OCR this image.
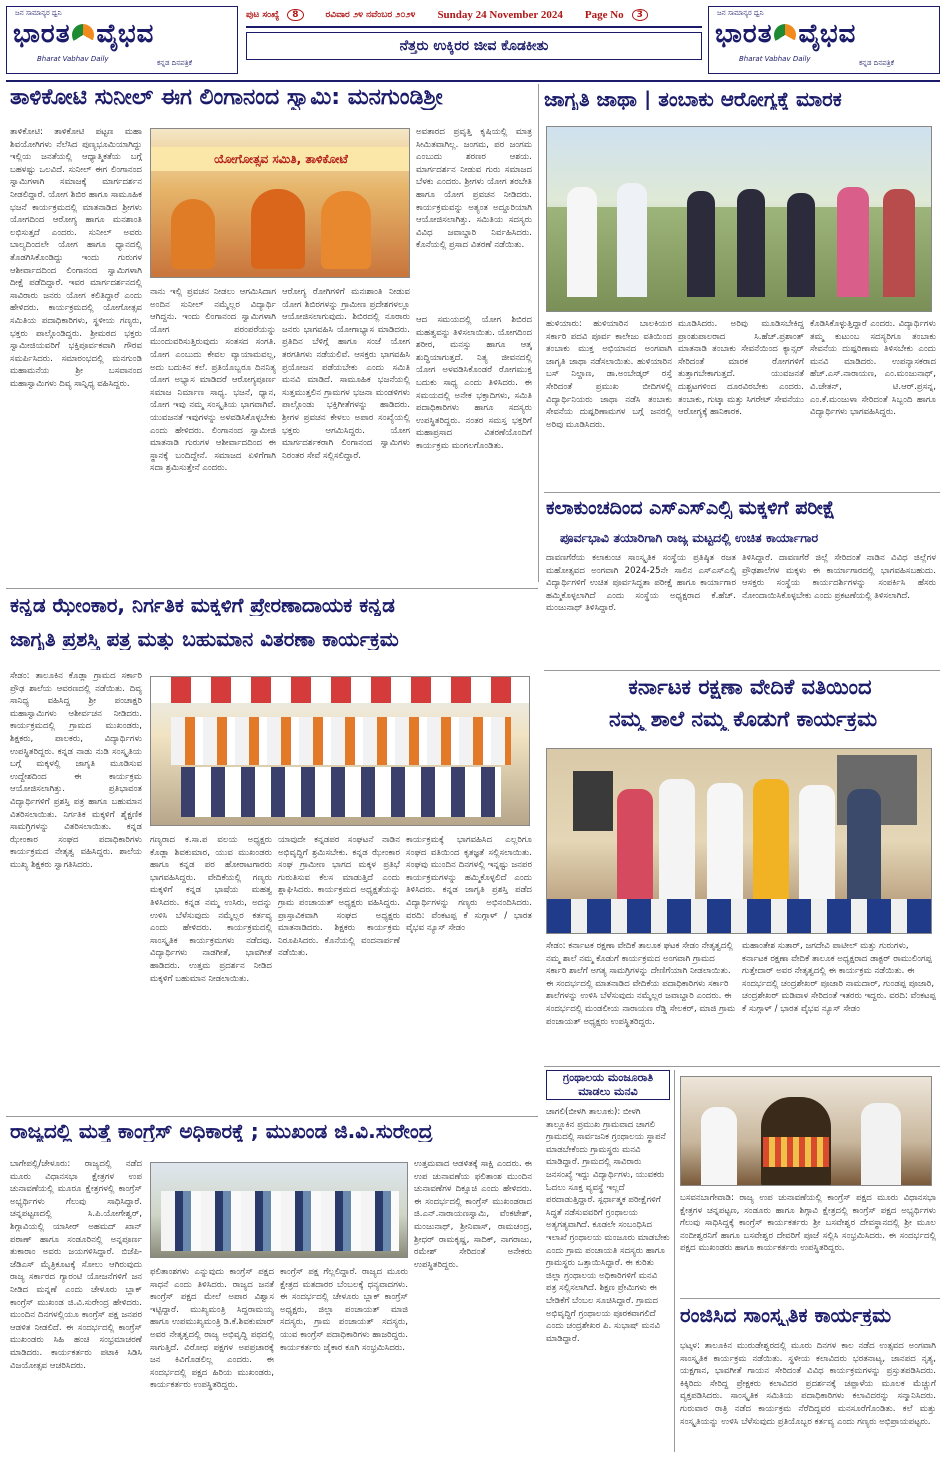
ಜನ ಸಾಮಾನ್ಯರ ಧ್ವನಿ
ಭಾರತ ವೈಭವ
Bharat Vabhav Daily	ಕನ್ನಡ ದಿನಪತ್ರಿಕೆ
ಪುಟ ಸಂಖ್ಯೆ	8	ರವಿವಾರ ೨೪ ನವೆಂಬರ ೨೦೨೪ Sunday 24 November 2024 Page No	3
ನೆತ್ತರು ಉಕ್ಕಿರರ ಜೀವ ಕೊಡಕೀತು
ಜನ ಸಾಮಾನ್ಯರ ಧ್ವನಿ
ಭಾರತ ವೈಭವ
Bharat Vabhav Daily	ಕನ್ನಡ ದಿನಪತ್ರಿಕೆ
ತಾಳಿಕೋಟಿ ಸುನೀಲ್ ಈಗ ಲಿಂಗಾನಂದ ಸ್ವಾಮಿ: ಮನಗುಂಡಿಶ್ರೀ
ತಾಳಿಕೋಟಿ: ತಾಳಿಕೋಟಿ ಪಟ್ಟಣ ಮಹಾ ಶಿವಯೋಗಿಗಳು ನೆಲೆಸಿದ ಪುಣ್ಯಭೂಮಿಯಾಗಿದ್ದು ಇಲ್ಲಿಯ ಜನತೆಯಲ್ಲಿ ಆಧ್ಯಾತ್ಮಿಕತೆಯ ಬಗ್ಗೆ ಬಹಳಷ್ಟು ಒಲವಿದೆ. ಸುನೀಲ್ ಈಗ ಲಿಂಗಾನಂದ ಸ್ವಾಮಿಗಳಾಗಿ ಸಮಾಜಕ್ಕೆ ಮಾರ್ಗದರ್ಶನ ನೀಡಲಿದ್ದಾರೆ. ಯೋಗ ಶಿಬಿರ ಹಾಗೂ ಸಾಮೂಹಿಕ ಭಜನೆ ಕಾರ್ಯಕ್ರಮದಲ್ಲಿ ಮಾತನಾಡಿದ ಶ್ರೀಗಳು ಯೋಗದಿಂದ ಆರೋಗ್ಯ ಹಾಗೂ ಮನಶಾಂತಿ ಲಭಿಸುತ್ತದೆ ಎಂದರು. ಸುನೀಲ್ ಅವರು ಬಾಲ್ಯದಿಂದಲೇ ಯೋಗ ಹಾಗೂ ಧ್ಯಾನದಲ್ಲಿ ತೊಡಗಿಸಿಕೊಂಡಿದ್ದು ಇಂದು ಗುರುಗಳ ಆಶೀರ್ವಾದದಿಂದ ಲಿಂಗಾನಂದ ಸ್ವಾಮಿಗಳಾಗಿ ದೀಕ್ಷೆ ಪಡೆದಿದ್ದಾರೆ. ಇವರ ಮಾರ್ಗದರ್ಶನದಲ್ಲಿ ಸಾವಿರಾರು ಜನರು ಯೋಗ ಕಲಿತಿದ್ದಾರೆ ಎಂದು ಹೇಳಿದರು. ಕಾರ್ಯಕ್ರಮದಲ್ಲಿ ಯೋಗೋತ್ಸವ ಸಮಿತಿಯ ಪದಾಧಿಕಾರಿಗಳು, ಸ್ಥಳೀಯ ಗಣ್ಯರು, ಭಕ್ತರು ಪಾಲ್ಗೊಂಡಿದ್ದರು. ಶ್ರೀಮಠದ ಭಕ್ತರು ಸ್ವಾಮೀಜಿಯವರಿಗೆ ಭಕ್ತಿಪೂರ್ವಕವಾಗಿ ಗೌರವ ಸಮರ್ಪಿಸಿದರು. ಸಮಾರಂಭದಲ್ಲಿ ಮನಗುಂಡಿ ಮಹಾಮನೆಯ ಶ್ರೀ ಬಸವಾನಂದ ಮಹಾಸ್ವಾಮಿಗಳು ದಿವ್ಯ ಸಾನ್ನಿಧ್ಯ ವಹಿಸಿದ್ದರು.
ಯೋಗೋತ್ಸವ ಸಮಿತಿ, ತಾಳಿಕೋಟೆ
ನಾನು ಇಲ್ಲಿ ಪ್ರವಚನ ನೀಡಲು ಆಗಮಿಸಿದಾಗ ಅಂದಿನ ಸುನೀಲ್ ನಮ್ಮೆಲ್ಲರ ವಿದ್ಯಾರ್ಥಿ ಆಗಿದ್ದನು. ಇಂದು ಲಿಂಗಾನಂದ ಸ್ವಾಮಿಗಳಾಗಿ ಯೋಗ ಪರಂಪರೆಯನ್ನು ಮುಂದುವರಿಸುತ್ತಿರುವುದು ಸಂತಸದ ಸಂಗತಿ. ಯೋಗ ಎಂಬುದು ಕೇವಲ ವ್ಯಾಯಾಮವಲ್ಲ, ಅದು ಬದುಕಿನ ಕಲೆ. ಪ್ರತಿಯೊಬ್ಬರೂ ದಿನನಿತ್ಯ ಯೋಗ ಅಭ್ಯಾಸ ಮಾಡಿದರೆ ಆರೋಗ್ಯಪೂರ್ಣ ಸಮಾಜ ನಿರ್ಮಾಣ ಸಾಧ್ಯ. ಭಜನೆ, ಧ್ಯಾನ, ಯೋಗ ಇವು ನಮ್ಮ ಸಂಸ್ಕೃತಿಯ ಭಾಗವಾಗಿವೆ. ಯುವಜನತೆ ಇವುಗಳನ್ನು ಅಳವಡಿಸಿಕೊಳ್ಳಬೇಕು ಎಂದು ಹೇಳಿದರು. ಲಿಂಗಾನಂದ ಸ್ವಾಮೀಜಿ ಮಾತನಾಡಿ ಗುರುಗಳ ಆಶೀರ್ವಾದದಿಂದ ಈ ಸ್ಥಾನಕ್ಕೆ ಬಂದಿದ್ದೇನೆ. ಸಮಾಜದ ಏಳಿಗೆಗಾಗಿ ಸದಾ ಶ್ರಮಿಸುತ್ತೇನೆ ಎಂದರು.
ಆರೋಗ್ಯ ರೋಗಿಗಳಿಗೆ ಮನಃಶಾಂತಿ ನೀಡುವ ಯೋಗ ಶಿಬಿರಗಳನ್ನು ಗ್ರಾಮೀಣ ಪ್ರದೇಶಗಳಲ್ಲೂ ಆಯೋಜಿಸಲಾಗುವುದು. ಶಿಬಿರದಲ್ಲಿ ನೂರಾರು ಜನರು ಭಾಗವಹಿಸಿ ಯೋಗಾಭ್ಯಾಸ ಮಾಡಿದರು. ಪ್ರತಿದಿನ ಬೆಳಿಗ್ಗೆ ಹಾಗೂ ಸಂಜೆ ಯೋಗ ತರಗತಿಗಳು ನಡೆಯಲಿವೆ. ಆಸಕ್ತರು ಭಾಗವಹಿಸಿ ಪ್ರಯೋಜನ ಪಡೆಯಬೇಕು ಎಂದು ಸಮಿತಿ ಮನವಿ ಮಾಡಿದೆ. ಸಾಮೂಹಿಕ ಭಜನೆಯಲ್ಲಿ ಸುತ್ತಮುತ್ತಲಿನ ಗ್ರಾಮಗಳ ಭಜನಾ ಮಂಡಳಿಗಳು ಪಾಲ್ಗೊಂಡು ಭಕ್ತಿಗೀತೆಗಳನ್ನು ಹಾಡಿದರು. ಶ್ರೀಗಳ ಪ್ರವಚನ ಕೇಳಲು ಅಪಾರ ಸಂಖ್ಯೆಯಲ್ಲಿ ಭಕ್ತರು ಆಗಮಿಸಿದ್ದರು. ಯೋಗ ಮಾರ್ಗದರ್ಶಕರಾಗಿ ಲಿಂಗಾನಂದ ಸ್ವಾಮಿಗಳು ನಿರಂತರ ಸೇವೆ ಸಲ್ಲಿಸಲಿದ್ದಾರೆ.
ಅವತಾರದ ಪ್ರವೃತ್ತಿ ಕೃಷಿಯಲ್ಲಿ ಮಾತ್ರ ಸೀಮಿತವಾಗಿಲ್ಲ. ಜಂಗಮ, ಪರ ಜಂಗಮ ಎಂಬುದು ಶರಣರ ಆಶಯ. ಮಾರ್ಗದರ್ಶನ ನೀಡುವ ಗುರು ಸಮಾಜದ ಬೆಳಕು ಎಂದರು. ಶ್ರೀಗಳು ಯೋಗ ತರಬೇತಿ ಹಾಗೂ ಯೋಗ ಪ್ರವಚನ ನೀಡಿದರು. ಕಾರ್ಯಕ್ರಮವನ್ನು ಅತ್ಯಂತ ಅದ್ದೂರಿಯಾಗಿ ಆಯೋಜಿಸಲಾಗಿತ್ತು. ಸಮಿತಿಯ ಸದಸ್ಯರು ವಿವಿಧ ಜವಾಬ್ದಾರಿ ನಿರ್ವಹಿಸಿದರು. ಕೊನೆಯಲ್ಲಿ ಪ್ರಸಾದ ವಿತರಣೆ ನಡೆಯಿತು.
ಆದ ಸಮಯದಲ್ಲಿ ಯೋಗ ಶಿಬಿರದ ಮಹತ್ವವನ್ನು ತಿಳಿಸಲಾಯಿತು. ಯೋಗದಿಂದ ಶರೀರ, ಮನಸ್ಸು ಹಾಗೂ ಆತ್ಮ ಶುದ್ಧಿಯಾಗುತ್ತದೆ. ನಿತ್ಯ ಜೀವನದಲ್ಲಿ ಯೋಗ ಅಳವಡಿಸಿಕೊಂಡರೆ ರೋಗಮುಕ್ತ ಬದುಕು ಸಾಧ್ಯ ಎಂದು ತಿಳಿಸಿದರು. ಈ ಸಮಯದಲ್ಲಿ ಅನೇಕ ಭಕ್ತಾದಿಗಳು, ಸಮಿತಿ ಪದಾಧಿಕಾರಿಗಳು ಹಾಗೂ ಸದಸ್ಯರು ಉಪಸ್ಥಿತರಿದ್ದರು. ನಂತರ ಸಮಸ್ತ ಭಕ್ತರಿಗೆ ಮಹಾಪ್ರಸಾದ ವಿತರಣೆಯೊಂದಿಗೆ ಕಾರ್ಯಕ್ರಮ ಮಂಗಲಗೊಂಡಿತು.
ಜಾಗೃತಿ ಜಾಥಾ | ತಂಬಾಕು ಆರೋಗ್ಯಕ್ಕೆ ಮಾರಕ
ಹುಳಿಯಾರು: ಹುಳಿಯಾರಿನ ಬಾಲಕಿಯರ ಸರ್ಕಾರಿ ಪದವಿ ಪೂರ್ವ ಕಾಲೇಜು ವತಿಯಿಂದ ತಂಬಾಕು ಮುಕ್ತ ಅಭಿಯಾನದ ಅಂಗವಾಗಿ ಜಾಗೃತಿ ಜಾಥಾ ನಡೆಸಲಾಯಿತು. ಹುಳಿಯಾರಿನ ಬಸ್ ನಿಲ್ದಾಣ, ಡಾ.ಅಂಬೇಡ್ಕರ್ ರಸ್ತೆ ಸೇರಿದಂತೆ ಪ್ರಮುಖ ಬೀದಿಗಳಲ್ಲಿ ವಿದ್ಯಾರ್ಥಿನಿಯರು ಜಾಥಾ ನಡೆಸಿ ತಂಬಾಕು ಸೇವನೆಯ ದುಷ್ಪರಿಣಾಮಗಳ ಬಗ್ಗೆ ಜನರಲ್ಲಿ ಅರಿವು ಮೂಡಿಸಿದರು.
ಮೂಡಿಸಿದರು. ಅರಿವು ಮೂಡಿಸಬೇಕಿದ್ದ ಪ್ರಾಂಶುಪಾಲರಾದ ಸಿ.ಹೆಚ್.ಪ್ರಶಾಂತ್ ಮಾತನಾಡಿ ತಂಬಾಕು ಸೇವನೆಯಿಂದ ಕ್ಯಾನ್ಸರ್ ಸೇರಿದಂತೆ ಮಾರಕ ರೋಗಗಳಿಗೆ ತುತ್ತಾಗಬೇಕಾಗುತ್ತದೆ. ಯುವಜನತೆ ದುಶ್ಚಟಗಳಿಂದ ದೂರವಿರಬೇಕು ಎಂದರು. ತಂಬಾಕು, ಗುಟ್ಕಾ ಮತ್ತು ಸಿಗರೇಟ್ ಸೇವನೆಯು ಆರೋಗ್ಯಕ್ಕೆ ಹಾನಿಕಾರಕ.
ಕೊಡಿಸಿಕೊಳ್ಳುತ್ತಿದ್ದಾರೆ ಎಂದರು. ವಿದ್ಯಾರ್ಥಿಗಳು ತಮ್ಮ ಕುಟುಂಬ ಸದಸ್ಯರಿಗೂ ತಂಬಾಕು ಸೇವನೆಯ ದುಷ್ಪರಿಣಾಮ ತಿಳಿಸಬೇಕು ಎಂದು ಮನವಿ ಮಾಡಿದರು. ಉಪನ್ಯಾಸಕರಾದ ಹೆಚ್.ಎಸ್.ನಾರಾಯಣ, ಎಂ.ಮಂಜುನಾಥ್, ವಿ.ಚೇತನ್, ಟಿ.ಆರ್.ಪ್ರಸನ್ನ, ಎಂ.ಕೆ.ಮಂಜುಳಾ ಸೇರಿದಂತೆ ಸಿಬ್ಬಂದಿ ಹಾಗೂ ವಿದ್ಯಾರ್ಥಿಗಳು ಭಾಗವಹಿಸಿದ್ದರು.
ಕಲಾಕುಂಚದಿಂದ ಎಸ್ಎಸ್ಎಲ್ಸಿ ಮಕ್ಕಳಿಗೆ ಪರೀಕ್ಷೆ
ಪೂರ್ವಭಾವಿ ತಯಾರಿಗಾಗಿ ರಾಜ್ಯ ಮಟ್ಟದಲ್ಲಿ ಉಚಿತ ಕಾರ್ಯಾಗಾರ
ದಾವಣಗೆರೆಯ ಕಲಾಕುಂಚ ಸಾಂಸ್ಕೃತಿಕ ಸಂಸ್ಥೆಯ ಪ್ರತಿಷ್ಠಿತ ರಜತ ಮಹೋತ್ಸವದ ಅಂಗವಾಗಿ 2024-25ನೇ ಸಾಲಿನ ಎಸ್ಎಸ್ಎಲ್ಸಿ ವಿದ್ಯಾರ್ಥಿಗಳಿಗೆ ಉಚಿತ ಪೂರ್ವಸಿದ್ಧತಾ ಪರೀಕ್ಷೆ ಹಾಗೂ ಕಾರ್ಯಾಗಾರ ಹಮ್ಮಿಕೊಳ್ಳಲಾಗಿದೆ ಎಂದು ಸಂಸ್ಥೆಯ ಅಧ್ಯಕ್ಷರಾದ ಕೆ.ಹೆಚ್. ಮಂಜುನಾಥ್ ತಿಳಿಸಿದ್ದಾರೆ.
ತಿಳಿಸಿದ್ದಾರೆ. ದಾವಣಗೆರೆ ಜಿಲ್ಲೆ ಸೇರಿದಂತೆ ನಾಡಿನ ವಿವಿಧ ಜಿಲ್ಲೆಗಳ ಪ್ರೌಢಶಾಲೆಗಳ ಮಕ್ಕಳು ಈ ಕಾರ್ಯಾಗಾರದಲ್ಲಿ ಭಾಗವಹಿಸಬಹುದು. ಆಸಕ್ತರು ಸಂಸ್ಥೆಯ ಕಾರ್ಯದರ್ಶಿಗಳನ್ನು ಸಂಪರ್ಕಿಸಿ ಹೆಸರು ನೋಂದಾಯಿಸಿಕೊಳ್ಳಬೇಕು ಎಂದು ಪ್ರಕಟಣೆಯಲ್ಲಿ ತಿಳಿಸಲಾಗಿದೆ.
ಕನ್ನಡ ಝೇಂಕಾರ, ನಿರ್ಗತಿಕ ಮಕ್ಕಳಿಗೆ ಪ್ರೇರಣಾದಾಯಕ ಕನ್ನಡ
ಜಾಗೃತಿ ಪ್ರಶಸ್ತಿ ಪತ್ರ ಮತ್ತು ಬಹುಮಾನ ವಿತರಣಾ ಕಾರ್ಯಕ್ರಮ
ಸೇಡಂ: ತಾಲೂಕಿನ ಕೊಡ್ಲಾ ಗ್ರಾಮದ ಸರ್ಕಾರಿ ಪ್ರೌಢ ಶಾಲೆಯ ಆವರಣದಲ್ಲಿ ನಡೆಯಿತು. ದಿವ್ಯ ಸಾನಿಧ್ಯ ವಹಿಸಿದ್ದ ಶ್ರೀ ಪಂಚಾಕ್ಷರಿ ಮಹಾಸ್ವಾಮಿಗಳು ಆಶೀರ್ವಚನ ನೀಡಿದರು. ಕಾರ್ಯಕ್ರಮದಲ್ಲಿ ಗ್ರಾಮದ ಮುಖಂಡರು, ಶಿಕ್ಷಕರು, ಪಾಲಕರು, ವಿದ್ಯಾರ್ಥಿಗಳು ಉಪಸ್ಥಿತರಿದ್ದರು. ಕನ್ನಡ ನಾಡು ನುಡಿ ಸಂಸ್ಕೃತಿಯ ಬಗ್ಗೆ ಮಕ್ಕಳಲ್ಲಿ ಜಾಗೃತಿ ಮೂಡಿಸುವ ಉದ್ದೇಶದಿಂದ ಈ ಕಾರ್ಯಕ್ರಮ ಆಯೋಜಿಸಲಾಗಿತ್ತು. ಪ್ರತಿಭಾವಂತ ವಿದ್ಯಾರ್ಥಿಗಳಿಗೆ ಪ್ರಶಸ್ತಿ ಪತ್ರ ಹಾಗೂ ಬಹುಮಾನ ವಿತರಿಸಲಾಯಿತು. ನಿರ್ಗತಿಕ ಮಕ್ಕಳಿಗೆ ಶೈಕ್ಷಣಿಕ ಸಾಮಗ್ರಿಗಳನ್ನು ವಿತರಿಸಲಾಯಿತು. ಕನ್ನಡ ಝೇಂಕಾರ ಸಂಘದ ಪದಾಧಿಕಾರಿಗಳು ಕಾರ್ಯಕ್ರಮದ ನೇತೃತ್ವ ವಹಿಸಿದ್ದರು. ಶಾಲೆಯ ಮುಖ್ಯ ಶಿಕ್ಷಕರು ಸ್ವಾಗತಿಸಿದರು.
ಗಣ್ಯರಾದ ಕ.ಸಾ.ಪ ವಲಯ ಅಧ್ಯಕ್ಷರು ಕೊಡ್ಲಾ ಶಿವಕುಮಾರ, ಯುವ ಮುಖಂಡರು ಹಾಗೂ ಕನ್ನಡ ಪರ ಹೋರಾಟಗಾರರು ಭಾಗವಹಿಸಿದ್ದರು. ವೇದಿಕೆಯಲ್ಲಿ ಗಣ್ಯರು ಮಕ್ಕಳಿಗೆ ಕನ್ನಡ ಭಾಷೆಯ ಮಹತ್ವ ತಿಳಿಸಿದರು. ಕನ್ನಡ ನಮ್ಮ ಉಸಿರು, ಅದನ್ನು ಉಳಿಸಿ ಬೆಳೆಸುವುದು ನಮ್ಮೆಲ್ಲರ ಕರ್ತವ್ಯ ಎಂದು ಹೇಳಿದರು. ಕಾರ್ಯಕ್ರಮದಲ್ಲಿ ಸಾಂಸ್ಕೃತಿಕ ಕಾರ್ಯಕ್ರಮಗಳು ನಡೆದವು. ವಿದ್ಯಾರ್ಥಿಗಳು ನಾಡಗೀತೆ, ಭಾವಗೀತೆ ಹಾಡಿದರು. ಉತ್ತಮ ಪ್ರದರ್ಶನ ನೀಡಿದ ಮಕ್ಕಳಿಗೆ ಬಹುಮಾನ ನೀಡಲಾಯಿತು.
ಯಾವುದೇ ಕನ್ನಡಪರ ಸಂಘಟನೆ ನಾಡಿನ ಅಭಿವೃದ್ಧಿಗೆ ಶ್ರಮಿಸಬೇಕು. ಕನ್ನಡ ಝೇಂಕಾರ ಸಂಘ ಗ್ರಾಮೀಣ ಭಾಗದ ಮಕ್ಕಳ ಪ್ರತಿಭೆ ಗುರುತಿಸುವ ಕೆಲಸ ಮಾಡುತ್ತಿದೆ ಎಂದು ಶ್ಲಾಘಿಸಿದರು. ಕಾರ್ಯಕ್ರಮದ ಅಧ್ಯಕ್ಷತೆಯನ್ನು ಗ್ರಾಮ ಪಂಚಾಯತ್ ಅಧ್ಯಕ್ಷರು ವಹಿಸಿದ್ದರು. ಪ್ರಾಸ್ತಾವಿಕವಾಗಿ ಸಂಘದ ಅಧ್ಯಕ್ಷರು ಮಾತನಾಡಿದರು. ಶಿಕ್ಷಕರು ಕಾರ್ಯಕ್ರಮ ನಿರೂಪಿಸಿದರು. ಕೊನೆಯಲ್ಲಿ ವಂದನಾರ್ಪಣೆ ನಡೆಯಿತು.
ಕಾರ್ಯಕ್ರಮಕ್ಕೆ ಭಾಗವಹಿಸಿದ ಎಲ್ಲರಿಗೂ ಸಂಘದ ವತಿಯಿಂದ ಕೃತಜ್ಞತೆ ಸಲ್ಲಿಸಲಾಯಿತು. ಸಂಘವು ಮುಂದಿನ ದಿನಗಳಲ್ಲಿ ಇನ್ನಷ್ಟು ಜನಪರ ಕಾರ್ಯಕ್ರಮಗಳನ್ನು ಹಮ್ಮಿಕೊಳ್ಳಲಿದೆ ಎಂದು ತಿಳಿಸಿದರು. ಕನ್ನಡ ಜಾಗೃತಿ ಪ್ರಶಸ್ತಿ ಪಡೆದ ವಿದ್ಯಾರ್ಥಿಗಳನ್ನು ಗಣ್ಯರು ಅಭಿನಂದಿಸಿದರು. ವರದಿ: ವೆಂಕಟಪ್ಪ ಕೆ ಸುಗ್ಗಾಳ್ / ಭಾರತ ವೈಭವ ನ್ಯೂಸ್ ಸೇಡಂ
ಕರ್ನಾಟಕ ರಕ್ಷಣಾ ವೇದಿಕೆ ವತಿಯಿಂದ
ನಮ್ಮ ಶಾಲೆ ನಮ್ಮ ಕೊಡುಗೆ ಕಾರ್ಯಕ್ರಮ
ಸೇಡಂ: ಕರ್ನಾಟಕ ರಕ್ಷಣಾ ವೇದಿಕೆ ತಾಲೂಕ ಘಟಕ ಸೇಡಂ ನೇತೃತ್ವದಲ್ಲಿ ನಮ್ಮ ಶಾಲೆ ನಮ್ಮ ಕೊಡುಗೆ ಕಾರ್ಯಕ್ರಮದ ಅಂಗವಾಗಿ ಗ್ರಾಮದ ಸರ್ಕಾರಿ ಶಾಲೆಗೆ ಅಗತ್ಯ ಸಾಮಗ್ರಿಗಳನ್ನು ದೇಣಿಗೆಯಾಗಿ ನೀಡಲಾಯಿತು. ಈ ಸಂದರ್ಭದಲ್ಲಿ ಮಾತನಾಡಿದ ವೇದಿಕೆಯ ಪದಾಧಿಕಾರಿಗಳು ಸರ್ಕಾರಿ ಶಾಲೆಗಳನ್ನು ಉಳಿಸಿ ಬೆಳೆಸುವುದು ನಮ್ಮೆಲ್ಲರ ಜವಾಬ್ದಾರಿ ಎಂದರು. ಈ ಸಂದರ್ಭದಲ್ಲಿ ಮಂಡಲೀಯ ನಾರಾಯಣ ರೆಡ್ಡಿ ಸೇಲಕರ್, ಮಾಜಿ ಗ್ರಾಮ ಪಂಚಾಯತ್ ಅಧ್ಯಕ್ಷರು ಉಪಸ್ಥಿತರಿದ್ದರು.
ಮಹಾಂತೇಶ ಸುತಾರ್, ಜಗದೇವಿ ಪಾಟೀಲ್ ಮತ್ತು ಗುರುಗಳು, ಕರ್ನಾಟಕ ರಕ್ಷಣಾ ವೇದಿಕೆ ತಾಲೂಕ ಅಧ್ಯಕ್ಷರಾದ ಡಾಕ್ಟರ್ ರಾಮುಲಿಂಗಪ್ಪ ಗುತ್ತೇದಾರ್ ಅವರ ನೇತೃತ್ವದಲ್ಲಿ ಈ ಕಾರ್ಯಕ್ರಮ ನಡೆಯಿತು. ಈ ಸಂದರ್ಭದಲ್ಲಿ ಚಂದ್ರಶೇಖರ್ ಪೂಜಾರಿ ನಾಮದಾರ್, ಗುಂಡಪ್ಪ ಪೂಜಾರಿ, ಚಂದ್ರಶೇಖರ್ ಮಡಿವಾಳ ಸೇರಿದಂತೆ ಇತರರು ಇದ್ದರು. ವರದಿ: ವೆಂಕಟಪ್ಪ ಕೆ ಸುಗ್ಗಾಳ್ / ಭಾರತ ವೈಭವ ನ್ಯೂಸ್ ಸೇಡಂ
ಗ್ರಂಥಾಲಯ ಮಂಜೂರಾತಿ
ಮಾಡಲು ಮನವಿ
ಚಾಗಲಿ(ಬೀಳಗಿ ತಾಲೂಕು): ಬೀಳಗಿ ತಾಲ್ಲೂಕಿನ ಪ್ರಮುಖ ಗ್ರಾಮವಾದ ಚಾಗಲಿ ಗ್ರಾಮದಲ್ಲಿ ಸಾರ್ವಜನಿಕ ಗ್ರಂಥಾಲಯ ಸ್ಥಾಪನೆ ಮಾಡಬೇಕೆಂದು ಗ್ರಾಮಸ್ಥರು ಮನವಿ ಮಾಡಿದ್ದಾರೆ. ಗ್ರಾಮದಲ್ಲಿ ಸಾವಿರಾರು ಜನಸಂಖ್ಯೆ ಇದ್ದು ವಿದ್ಯಾರ್ಥಿಗಳು, ಯುವಕರು ಓದಲು ಸೂಕ್ತ ವ್ಯವಸ್ಥೆ ಇಲ್ಲದೆ ಪರದಾಡುತ್ತಿದ್ದಾರೆ. ಸ್ಪರ್ಧಾತ್ಮಕ ಪರೀಕ್ಷೆಗಳಿಗೆ ಸಿದ್ಧತೆ ನಡೆಸುವವರಿಗೆ ಗ್ರಂಥಾಲಯ ಅತ್ಯಗತ್ಯವಾಗಿದೆ. ಕೂಡಲೇ ಸಂಬಂಧಿಸಿದ ಇಲಾಖೆ ಗ್ರಂಥಾಲಯ ಮಂಜೂರು ಮಾಡಬೇಕು ಎಂದು ಗ್ರಾಮ ಪಂಚಾಯತಿ ಸದಸ್ಯರು ಹಾಗೂ ಗ್ರಾಮಸ್ಥರು ಒತ್ತಾಯಿಸಿದ್ದಾರೆ. ಈ ಕುರಿತು ಜಿಲ್ಲಾ ಗ್ರಂಥಾಲಯ ಅಧಿಕಾರಿಗಳಿಗೆ ಮನವಿ ಪತ್ರ ಸಲ್ಲಿಸಲಾಗಿದೆ. ಶಿಕ್ಷಣ ಪ್ರೇಮಿಗಳು ಈ ಬೇಡಿಕೆಗೆ ಬೆಂಬಲ ಸೂಚಿಸಿದ್ದಾರೆ. ಗ್ರಾಮದ ಅಭಿವೃದ್ಧಿಗೆ ಗ್ರಂಥಾಲಯ ಪೂರಕವಾಗಲಿದೆ ಎಂದು ಚಂದ್ರಶೇಖರ ಪಿ. ಸುಭಾಷ್ ಮನವಿ ಮಾಡಿದ್ದಾರೆ.
ಬಸವನಬಾಗೇವಾಡಿ: ರಾಜ್ಯ ಉಪ ಚುನಾವಣೆಯಲ್ಲಿ ಕಾಂಗ್ರೆಸ್ ಪಕ್ಷದ ಮೂರು ವಿಧಾನಸಭಾ ಕ್ಷೇತ್ರಗಳ ಚನ್ನಪಟ್ಟಣ, ಸಂಡೂರು ಹಾಗೂ ಶಿಗ್ಗಾವಿ ಕ್ಷೇತ್ರದಲ್ಲಿ ಕಾಂಗ್ರೆಸ್ ಪಕ್ಷದ ಅಭ್ಯರ್ಥಿಗಳು ಗೆಲುವು ಸಾಧಿಸಿದ್ದಕ್ಕೆ ಕಾಂಗ್ರೆಸ್ ಕಾರ್ಯಕರ್ತರು ಶ್ರೀ ಬಸವೇಶ್ವರ ದೇವಸ್ಥಾನದಲ್ಲಿ ಶ್ರೀ ಮೂಲ ನಂದೀಶ್ವರನಿಗೆ ಹಾಗೂ ಬಸವೇಶ್ವರ ದೇವರಿಗೆ ಪೂಜೆ ಸಲ್ಲಿಸಿ ಸಂಭ್ರಮಿಸಿದರು. ಈ ಸಂದರ್ಭದಲ್ಲಿ ಪಕ್ಷದ ಮುಖಂಡರು ಹಾಗೂ ಕಾರ್ಯಕರ್ತರು ಉಪಸ್ಥಿತರಿದ್ದರು.
ರಂಜಿಸಿದ ಸಾಂಸ್ಕೃತಿಕ ಕಾರ್ಯಕ್ರಮ
ಭಟ್ಕಳ: ತಾಲೂಕಿನ ಮುರುಡೇಶ್ವರದಲ್ಲಿ ಮೂರು ದಿನಗಳ ಕಾಲ ನಡೆದ ಉತ್ಸವದ ಅಂಗವಾಗಿ ಸಾಂಸ್ಕೃತಿಕ ಕಾರ್ಯಕ್ರಮ ನಡೆಯಿತು. ಸ್ಥಳೀಯ ಕಲಾವಿದರು ಭರತನಾಟ್ಯ, ಜಾನಪದ ನೃತ್ಯ, ಯಕ್ಷಗಾನ, ಭಾವಗೀತೆ ಗಾಯನ ಸೇರಿದಂತೆ ವಿವಿಧ ಕಾರ್ಯಕ್ರಮಗಳನ್ನು ಪ್ರಸ್ತುತಪಡಿಸಿದರು. ಕಿಕ್ಕಿರಿದು ಸೇರಿದ್ದ ಪ್ರೇಕ್ಷಕರು ಕಲಾವಿದರ ಪ್ರದರ್ಶನಕ್ಕೆ ಚಪ್ಪಾಳೆಯ ಮೂಲಕ ಮೆಚ್ಚುಗೆ ವ್ಯಕ್ತಪಡಿಸಿದರು. ಸಾಂಸ್ಕೃತಿಕ ಸಮಿತಿಯ ಪದಾಧಿಕಾರಿಗಳು ಕಲಾವಿದರನ್ನು ಸನ್ಮಾನಿಸಿದರು. ಗುರುವಾರ ರಾತ್ರಿ ನಡೆದ ಕಾರ್ಯಕ್ರಮ ನೆರೆದಿದ್ದವರ ಮನಸೂರೆಗೊಂಡಿತು. ಕಲೆ ಮತ್ತು ಸಂಸ್ಕೃತಿಯನ್ನು ಉಳಿಸಿ ಬೆಳೆಸುವುದು ಪ್ರತಿಯೊಬ್ಬರ ಕರ್ತವ್ಯ ಎಂದು ಗಣ್ಯರು ಅಭಿಪ್ರಾಯಪಟ್ಟರು.
ರಾಜ್ಯದಲ್ಲಿ ಮತ್ತೆ ಕಾಂಗ್ರೆಸ್ ಅಧಿಕಾರಕ್ಕೆ ; ಮುಖಂಡ ಜಿ.ವಿ.ಸುರೇಂದ್ರ
ಬಾಗೇಪಲ್ಲಿ/ಚೇಳೂರು: ರಾಜ್ಯದಲ್ಲಿ ನಡೆದ ಮೂರು ವಿಧಾನಸಭಾ ಕ್ಷೇತ್ರಗಳ ಉಪ ಚುನಾವಣೆಯಲ್ಲಿ ಮೂರೂ ಕ್ಷೇತ್ರಗಳಲ್ಲಿ ಕಾಂಗ್ರೆಸ್ ಅಭ್ಯರ್ಥಿಗಳು ಗೆಲುವು ಸಾಧಿಸಿದ್ದಾರೆ. ಚನ್ನಪಟ್ಟಣದಲ್ಲಿ ಸಿ.ಪಿ.ಯೋಗೇಶ್ವರ್, ಶಿಗ್ಗಾವಿಯಲ್ಲಿ ಯಾಸೀರ್ ಅಹಮದ್ ಖಾನ್ ಪಠಾಣ್ ಹಾಗೂ ಸಂಡೂರಿನಲ್ಲಿ ಅನ್ನಪೂರ್ಣ ತುಕಾರಾಂ ಅವರು ಜಯಗಳಿಸಿದ್ದಾರೆ. ಬಿಜೆಪಿ-ಜೆಡಿಎಸ್ ಮೈತ್ರಿಕೂಟಕ್ಕೆ ಸೋಲು ಆಗಿರುವುದು ರಾಜ್ಯ ಸರ್ಕಾರದ ಗ್ಯಾರಂಟಿ ಯೋಜನೆಗಳಿಗೆ ಜನ ನೀಡಿದ ಮನ್ನಣೆ ಎಂದು ಚೇಳೂರು ಬ್ಲಾಕ್ ಕಾಂಗ್ರೆಸ್ ಮುಖಂಡ ಜಿ.ವಿ.ಸುರೇಂದ್ರ ಹೇಳಿದರು. ಮುಂದಿನ ದಿನಗಳಲ್ಲಿಯೂ ಕಾಂಗ್ರೆಸ್ ಪಕ್ಷ ಜನಪರ ಆಡಳಿತ ನೀಡಲಿದೆ. ಈ ಸಂದರ್ಭದಲ್ಲಿ ಕಾಂಗ್ರೆಸ್ ಮುಖಂಡರು ಸಿಹಿ ಹಂಚಿ ಸಂಭ್ರಮಾಚರಣೆ ಮಾಡಿದರು. ಕಾರ್ಯಕರ್ತರು ಪಟಾಕಿ ಸಿಡಿಸಿ ವಿಜಯೋತ್ಸವ ಆಚರಿಸಿದರು.
ಫಲಿತಾಂಶಗಳು ಎನ್ನುವುದು ಕಾಂಗ್ರೆಸ್ ಪಕ್ಷದ ಸಾಧನೆ ಎಂದು ತಿಳಿಸಿದರು. ರಾಜ್ಯದ ಜನತೆ ಕಾಂಗ್ರೆಸ್ ಪಕ್ಷದ ಮೇಲೆ ಅಪಾರ ವಿಶ್ವಾಸ ಇಟ್ಟಿದ್ದಾರೆ. ಮುಖ್ಯಮಂತ್ರಿ ಸಿದ್ದರಾಮಯ್ಯ ಹಾಗೂ ಉಪಮುಖ್ಯಮಂತ್ರಿ ಡಿ.ಕೆ.ಶಿವಕುಮಾರ್ ಅವರ ನೇತೃತ್ವದಲ್ಲಿ ರಾಜ್ಯ ಅಭಿವೃದ್ಧಿ ಪಥದಲ್ಲಿ ಸಾಗುತ್ತಿದೆ. ವಿರೋಧ ಪಕ್ಷಗಳ ಅಪಪ್ರಚಾರಕ್ಕೆ ಜನ ಕಿವಿಗೊಡಲಿಲ್ಲ ಎಂದರು. ಈ ಸಂದರ್ಭದಲ್ಲಿ ಪಕ್ಷದ ಹಿರಿಯ ಮುಖಂಡರು, ಕಾರ್ಯಕರ್ತರು ಉಪಸ್ಥಿತರಿದ್ದರು.
ಕಾಂಗ್ರೆಸ್ ಪಕ್ಷ ಗೆಲ್ಲಲಿದ್ದಾರೆ. ರಾಜ್ಯದ ಮೂರು ಕ್ಷೇತ್ರದ ಮತದಾರರ ಬೆಂಬಲಕ್ಕೆ ಧನ್ಯವಾದಗಳು. ಈ ಸಂದರ್ಭದಲ್ಲಿ ಚೇಳೂರು ಬ್ಲಾಕ್ ಕಾಂಗ್ರೆಸ್ ಅಧ್ಯಕ್ಷರು, ಜಿಲ್ಲಾ ಪಂಚಾಯತ್ ಮಾಜಿ ಸದಸ್ಯರು, ಗ್ರಾಮ ಪಂಚಾಯತ್ ಸದಸ್ಯರು, ಯುವ ಕಾಂಗ್ರೆಸ್ ಪದಾಧಿಕಾರಿಗಳು ಹಾಜರಿದ್ದರು. ಕಾರ್ಯಕರ್ತರು ಜೈಕಾರ ಕೂಗಿ ಸಂಭ್ರಮಿಸಿದರು.
ಉತ್ತಮವಾದ ಆಡಳಿತಕ್ಕೆ ಸಾಕ್ಷಿ ಎಂದರು. ಈ ಉಪ ಚುನಾವಣೆಯ ಫಲಿತಾಂಶ ಮುಂದಿನ ಚುನಾವಣೆಗಳ ದಿಕ್ಸೂಚಿ ಎಂದು ಹೇಳಿದರು. ಈ ಸಂದರ್ಭದಲ್ಲಿ ಕಾಂಗ್ರೆಸ್ ಮುಖಂಡರಾದ ಜಿ.ಎನ್.ನಾರಾಯಣಸ್ವಾಮಿ, ವೆಂಕಟೇಶ್, ಮಂಜುನಾಥ್, ಶ್ರೀನಿವಾಸ್, ರಾಮಚಂದ್ರ, ಶ್ರೀಧರ್ ರಾಮಕೃಷ್ಣ, ಸಾದಿಕ್, ನಾಗರಾಜು, ರಮೇಶ್ ಸೇರಿದಂತೆ ಅನೇಕರು ಉಪಸ್ಥಿತರಿದ್ದರು.
